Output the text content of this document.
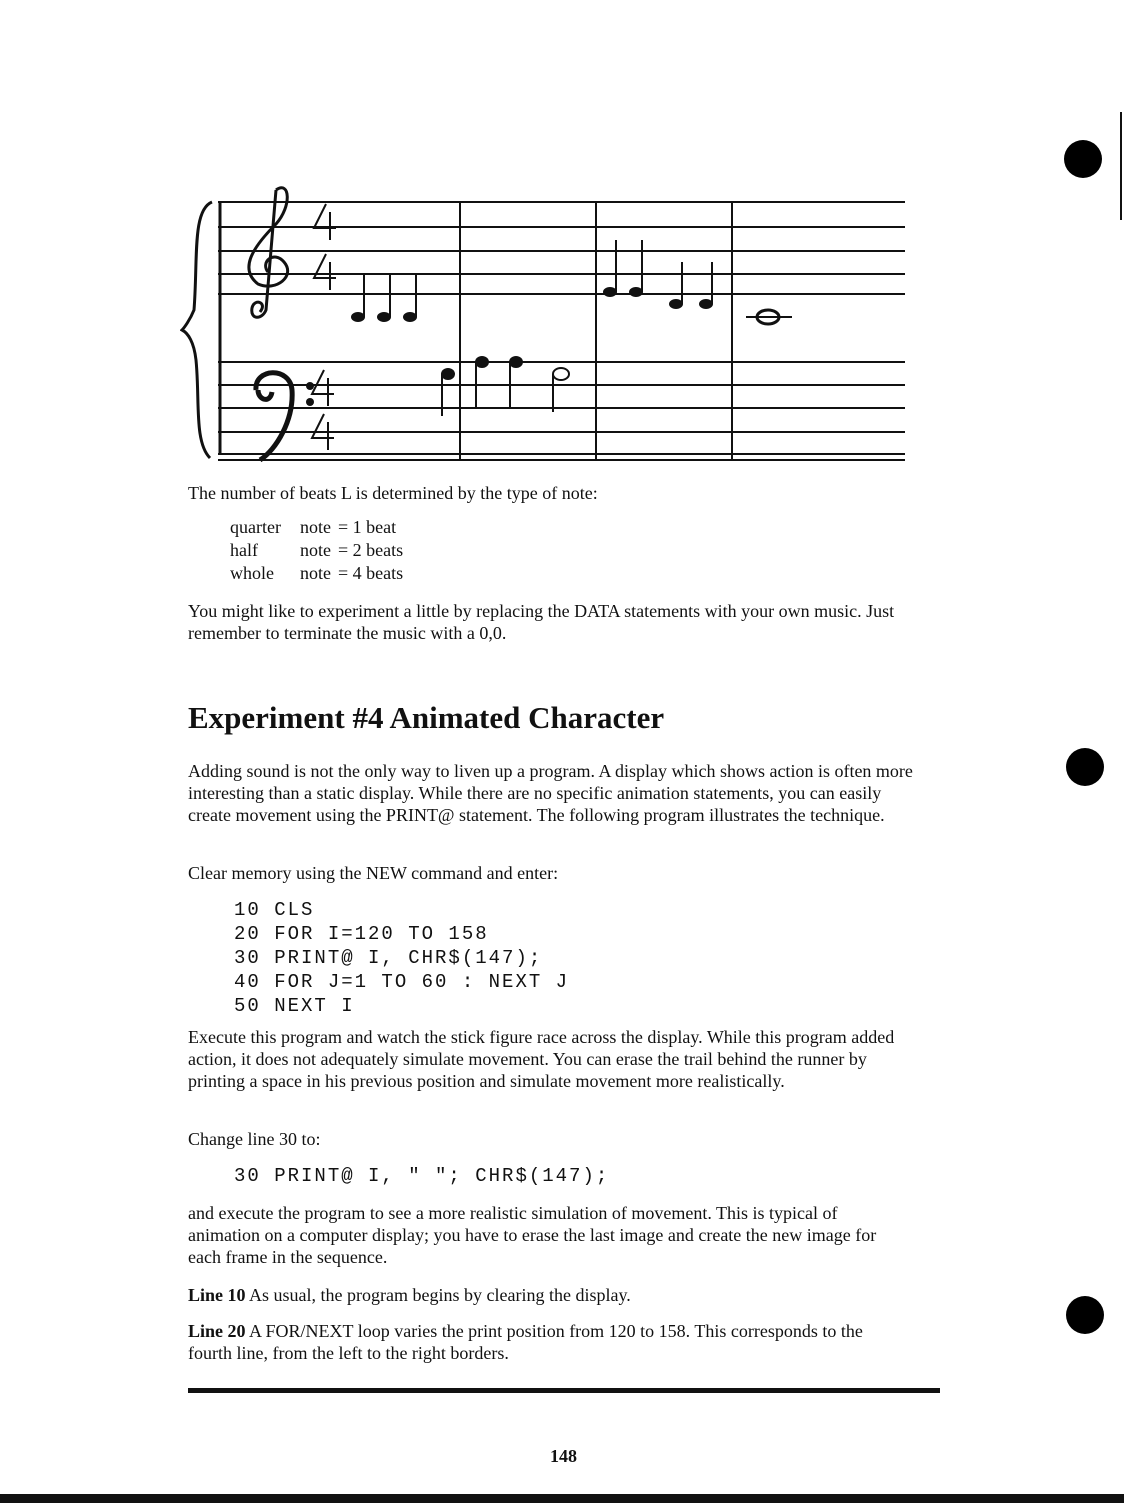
The number of beats L is determined by the type of note:
quarter	note	= 1 beat
half	note	= 2 beats
whole	note	= 4 beats

You might like to experiment a little by replacing the DATA statements with your own music. Just remember to terminate the music with a 0,0.

Experiment #4 Animated Character

Adding sound is not the only way to liven up a program. A display which shows action is often more interesting than a static display. While there are no specific animation statements, you can easily create movement using the PRINT@ statement. The following program illustrates the technique.

Clear memory using the NEW command and enter:

10 CLS
20 FOR I=120 TO 158
30 PRINT@ I, CHR$(147);
40 FOR J=1 TO 60 : NEXT J
50 NEXT I

Execute this program and watch the stick figure race across the display. While this program added action, it does not adequately simulate movement. You can erase the trail behind the runner by printing a space in his previous position and simulate movement more realistically.

Change line 30 to:

30 PRINT@ I, " "; CHR$(147);

and execute the program to see a more realistic simulation of movement. This is typical of animation on a computer display; you have to erase the last image and create the new image for each frame in the sequence.

Line 10 As usual, the program begins by clearing the display.

Line 20 A FOR/NEXT loop varies the print position from 120 to 158. This corresponds to the fourth line, from the left to the right borders.

148
